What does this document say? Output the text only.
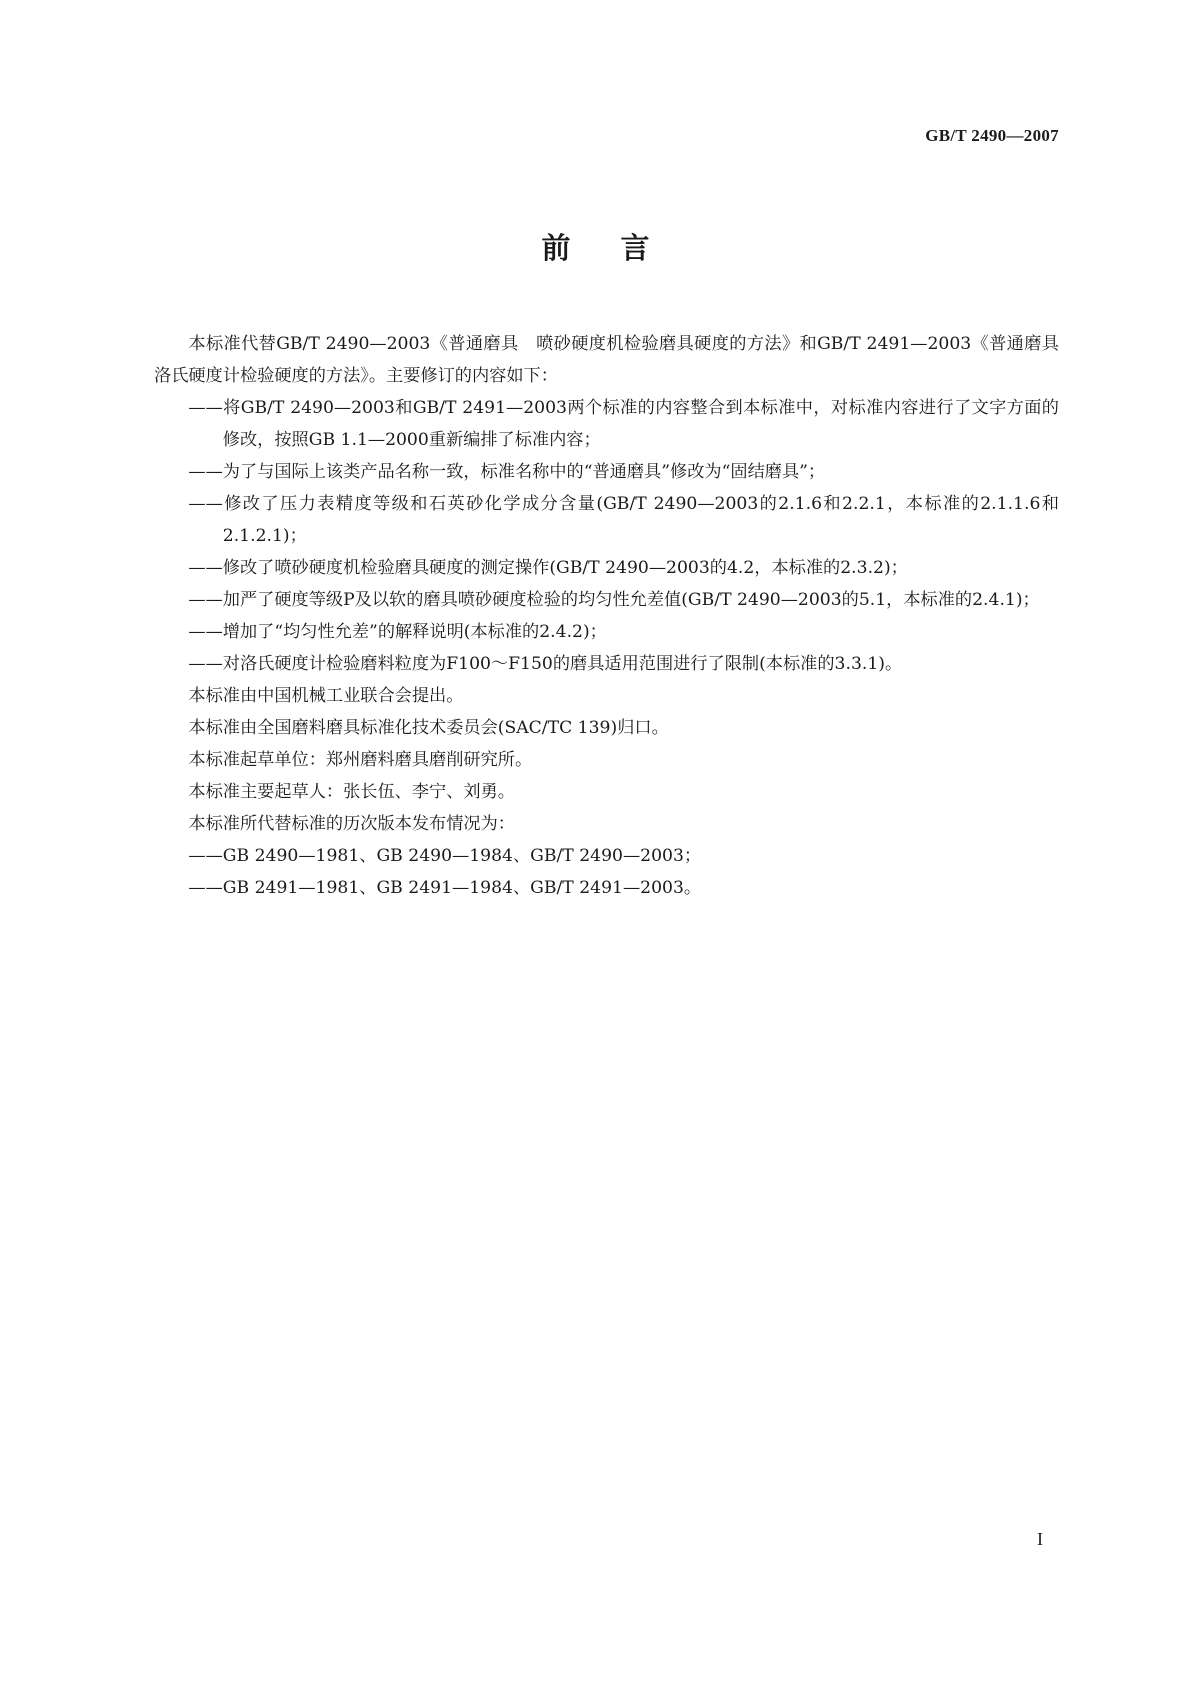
GB/T 2490—2007
前言

本标准代替GB/T 2490—2003《普通磨具　喷砂硬度机检验磨具硬度的方法》和GB/T 2491—2003《普通磨具　洛氏硬度计检验硬度的方法》。主要修订的内容如下：

——将GB/T 2490—2003和GB/T 2491—2003两个标准的内容整合到本标准中，对标准内容进行了文字方面的修改，按照GB 1.1—2000重新编排了标准内容；

——为了与国际上该类产品名称一致，标准名称中的“普通磨具”修改为“固结磨具”；

——修改了压力表精度等级和石英砂化学成分含量(GB/T 2490—2003的2.1.6和2.2.1，本标准的2.1.1.6和2.1.2.1)；

——修改了喷砂硬度机检验磨具硬度的测定操作(GB/T 2490—2003的4.2，本标准的2.3.2)；

——加严了硬度等级P及以软的磨具喷砂硬度检验的均匀性允差值(GB/T 2490—2003的5.1，本标准的2.4.1)；

——增加了“均匀性允差”的解释说明(本标准的2.4.2)；

——对洛氏硬度计检验磨料粒度为F100～F150的磨具适用范围进行了限制(本标准的3.3.1)。

本标准由中国机械工业联合会提出。

本标准由全国磨料磨具标准化技术委员会(SAC/TC 139)归口。

本标准起草单位：郑州磨料磨具磨削研究所。

本标准主要起草人：张长伍、李宁、刘勇。

本标准所代替标准的历次版本发布情况为：

——GB 2490—1981、GB 2490—1984、GB/T 2490—2003；

——GB 2491—1981、GB 2491—1984、GB/T 2491—2003。

I
